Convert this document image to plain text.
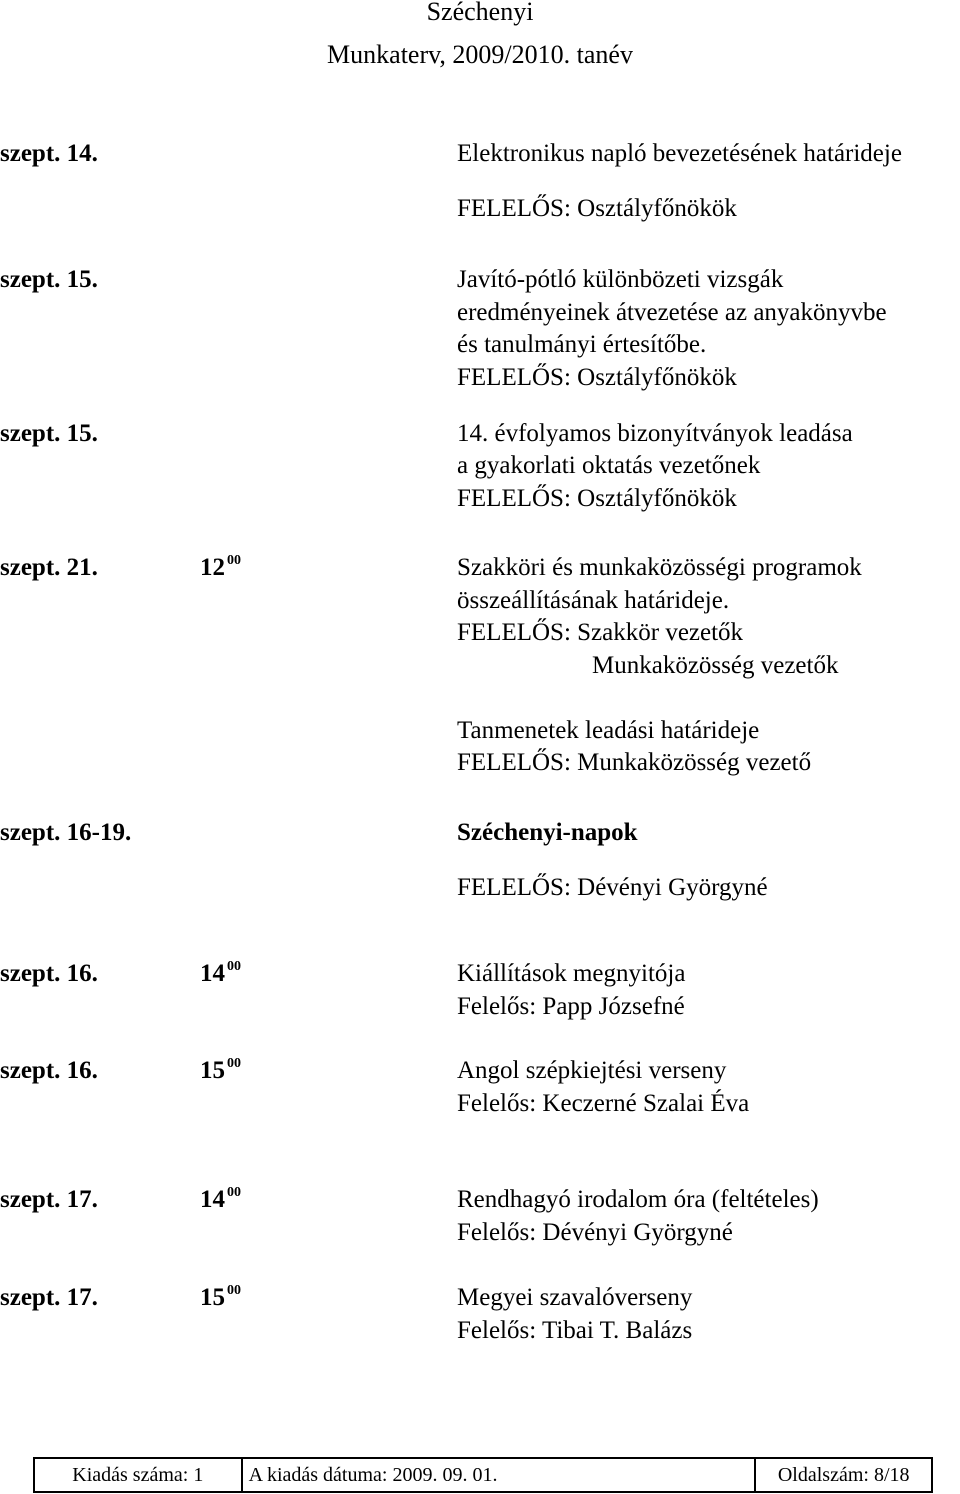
Széchenyi
Munkaterv, 2009/2010. tanév
szept. 14.	Elektronikus napló bevezetésének határideje
FELELŐS: Osztályfőnökök
szept. 15.	Javító-pótló különbözeti vizsgák
eredményeinek átvezetése az anyakönyvbe
és tanulmányi értesítőbe.
FELELŐS: Osztályfőnökök
szept. 15.	14. évfolyamos bizonyítványok leadása
a gyakorlati oktatás vezetőnek
FELELŐS: Osztályfőnökök
szept. 21.	12 $^{00}$	Szakköri és munkaközösségi programok
összeállításának határideje.
FELELŐS: Szakkör vezetők
Munkaközösség vezetők
Tanmenetek leadási határideje
FELELŐS: Munkaközösség vezető
szept. 16-19.	Széchenyi-napok
FELELŐS: Dévényi Györgyné
szept. 16.	14 $^{00}$	Kiállítások megnyitója
Felelős: Papp Józsefné
szept. 16.	15 $^{00}$	Angol szépkiejtési verseny
Felelős: Keczerné Szalai Éva
szept. 17.	14 $^{00}$	Rendhagyó irodalom óra (feltételes)
Felelős: Dévényi Györgyné
szept. 17.	15 $^{00}$	Megyei szavalóverseny
Felelős: Tibai T. Balázs
Kiadás száma: 1	A kiadás dátuma: 2009. 09. 01.	Oldalszám: 8/18
